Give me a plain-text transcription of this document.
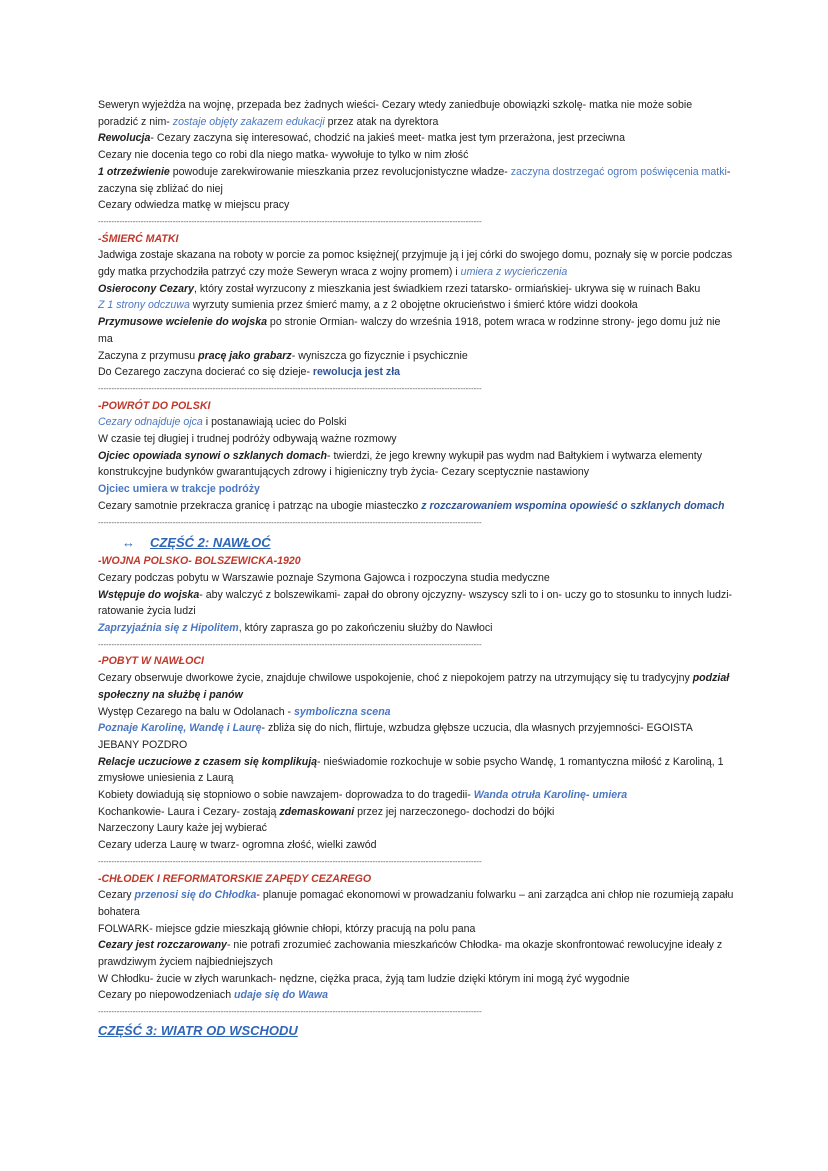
Seweryn wyjeżdża na wojnę, przepada bez żadnych wieści- Cezary wtedy zaniedbuje obowiązki szkolę- matka nie może sobie poradzić z nim- zostaje objęty zakazem edukacji przez atak na dyrektora

Rewolucja- Cezary zaczyna się interesować, chodzić na jakieś meet- matka jest tym przerażona, jest przeciwna

Cezary nie docenia tego co robi dla niego matka- wywołuje to tylko w nim złość

1 otrzeźwienie powoduje zarekwirowanie mieszkania przez revolucjonistyczne władze- zaczyna dostrzegać ogrom poświęcenia matki- zaczyna się zbliżać do niej

Cezary odwiedza matkę w miejscu pracy

------------------------------------------------------------------------------------------------------------------------------------------------
-ŚMIERĆ MATKI

Jadwiga zostaje skazana na roboty w porcie za pomoc księżnej( przyjmuje ją i jej córki do swojego domu, poznały się w porcie podczas gdy matka przychodziła patrzyć czy może Seweryn wraca z wojny promem) i umiera z wycieńczenia

Osierocony Cezary, który został wyrzucony z mieszkania jest świadkiem rzezi tatarsko- ormiańskiej- ukrywa się w ruinach Baku

Z 1 strony odczuwa wyrzuty sumienia przez śmierć mamy, a z 2 obojętne okrucieństwo i śmierć które widzi dookoła

Przymusowe wcielenie do wojska po stronie Ormian- walczy do września 1918, potem wraca w rodzinne strony- jego domu już nie ma

Zaczyna z przymusu pracę jako grabarz- wyniszcza go fizycznie i psychicznie

Do Cezarego zaczyna docierać co się dzieje- rewolucja jest zła

------------------------------------------------------------------------------------------------------------------------------------------------
-POWRÓT DO POLSKI

Cezary odnajduje ojca i postanawiają uciec do Polski

W czasie tej długiej i trudnej podróży odbywają ważne rozmowy

Ojciec opowiada synowi o szklanych domach- twierdzi, że jego krewny wykupił pas wydm nad Bałtykiem i wytwarza elementy konstrukcyjne budynków gwarantujących zdrowy i higieniczny tryb życia- Cezary sceptycznie nastawiony

Ojciec umiera w trakcje podróży

Cezary samotnie przekracza granicę i patrząc na ubogie miasteczko z rozczarowaniem wspomina opowieść o szklanych domach

------------------------------------------------------------------------------------------------------------------------------------------------
↔ CZĘŚĆ 2: NAWŁOĆ
-WOJNA POLSKO- BOLSZEWICKA-1920

Cezary podczas pobytu w Warszawie poznaje Szymona Gajowca i rozpoczyna studia medyczne

Wstępuje do wojska- aby walczyć z bolszewikami- zapał do obrony ojczyzny- wszyscy szli to i on- uczy go to stosunku to innych ludzi- ratowanie życia ludzi

Zaprzyjaźnia się z Hipolitem, który zaprasza go po zakończeniu służby do Nawłoci

------------------------------------------------------------------------------------------------------------------------------------------------
-POBYT W NAWŁOCI

Cezary obserwuje dworkowe życie, znajduje chwilowe uspokojenie, choć z niepokojem patrzy na utrzymujący się tu tradycyjny podział społeczny na służbę i panów

Występ Cezarego na balu w Odolanach - symboliczna scena

Poznaje Karolinę, Wandę i Laurę- zbliża się do nich, flirtuje, wzbudza głębsze uczucia, dla własnych przyjemności- EGOISTA JEBANY POZDRO

Relacje uczuciowe z czasem się komplikują- nieświadomie rozkochuje w sobie psycho Wandę, 1 romantyczna miłość z Karoliną, 1 zmysłowe uniesienia z Laurą

Kobiety dowiadują się stopniowo o sobie nawzajem- doprowadza to do tragedii- Wanda otruła Karolinę- umiera

Kochankowie- Laura i Cezary- zostają zdemaskowani przez jej narzeczonego- dochodzi do bójki

Narzeczony Laury każe jej wybierać

Cezary uderza Laurę w twarz- ogromna złość, wielki zawód

------------------------------------------------------------------------------------------------------------------------------------------------
-CHŁODEK I REFORMATORSKIE ZAPĘDY CEZAREGO

Cezary przenosi się do Chłodka- planuje pomagać ekonomowi w prowadzaniu folwarku – ani zarządca ani chłop nie rozumieją zapału bohatera

FOLWARK- miejsce gdzie mieszkają głównie chłopi, którzy pracują na polu pana

Cezary jest rozczarowany- nie potrafi zrozumieć zachowania mieszkańców Chłodka- ma okazje skonfrontować rewolucyjne ideały z prawdziwym życiem najbiedniejszych

W Chłodku- żucie w złych warunkach- nędzne, ciężka praca, żyją tam ludzie dzięki którym ini mogą żyć wygodnie

Cezary po niepowodzeniach udaje się do Wawa

------------------------------------------------------------------------------------------------------------------------------------------------
CZĘŚĆ 3: WIATR OD WSCHODU
